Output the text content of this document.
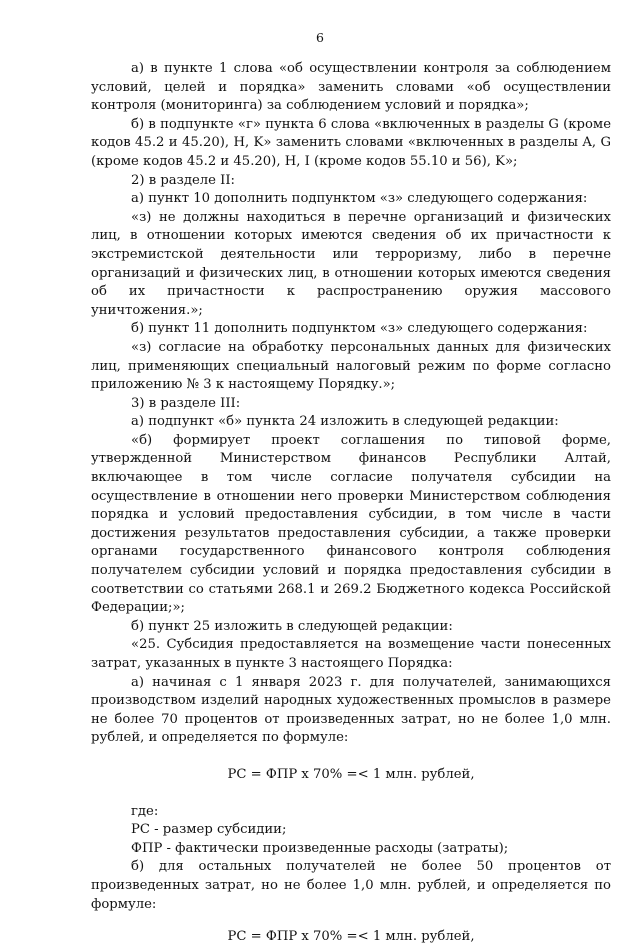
6

а) в пункте 1 слова «об осуществлении контроля за соблюдением условий, целей и порядка» заменить словами «об осуществлении контроля (мониторинга) за соблюдением условий и порядка»;

б) в подпункте «г» пункта 6 слова «включенных в разделы G (кроме кодов 45.2 и 45.20), H, K» заменить словами «включенных в разделы A, G (кроме кодов 45.2 и 45.20), H, I (кроме кодов 55.10 и 56), K»;

2) в разделе II:

а) пункт 10 дополнить подпунктом «з» следующего содержания:

«з) не должны находиться в перечне организаций и физических лиц, в отношении которых имеются сведения об их причастности к экстремистской деятельности или терроризму, либо в перечне организаций и физических лиц, в отношении которых имеются сведения об их причастности к распространению оружия массового уничтожения.»;

б) пункт 11 дополнить подпунктом «з» следующего содержания:

«з) согласие на обработку персональных данных для физических лиц, применяющих специальный налоговый режим по форме согласно приложению № 3 к настоящему Порядку.»;

3) в разделе III:

а) подпункт «б» пункта 24 изложить в следующей редакции:

«б) формирует проект соглашения по типовой форме, утвержденной Министерством финансов Республики Алтай, включающее в том числе согласие получателя субсидии на осуществление в отношении него проверки Министерством соблюдения порядка и условий предоставления субсидии, в том числе в части достижения результатов предоставления субсидии, а также проверки органами государственного финансового контроля соблюдения получателем субсидии условий и порядка предоставления субсидии в соответствии со статьями 268.1 и 269.2 Бюджетного кодекса Российской Федерации;»;

б) пункт 25 изложить в следующей редакции:

«25. Субсидия предоставляется на возмещение части понесенных затрат, указанных в пункте 3 настоящего Порядка:

а) начиная с 1 января 2023 г. для получателей, занимающихся производством изделий народных художественных промыслов в размере не более 70 процентов от произведенных затрат, но не более 1,0 млн. рублей, и определяется по формуле:

РС = ФПР х 70% =< 1 млн. рублей,

где:

РС - размер субсидии;

ФПР - фактически произведенные расходы (затраты);

б) для остальных получателей не более 50 процентов от произведенных затрат, но не более 1,0 млн. рублей, и определяется по формуле:

РС = ФПР х 70% =< 1 млн. рублей,
